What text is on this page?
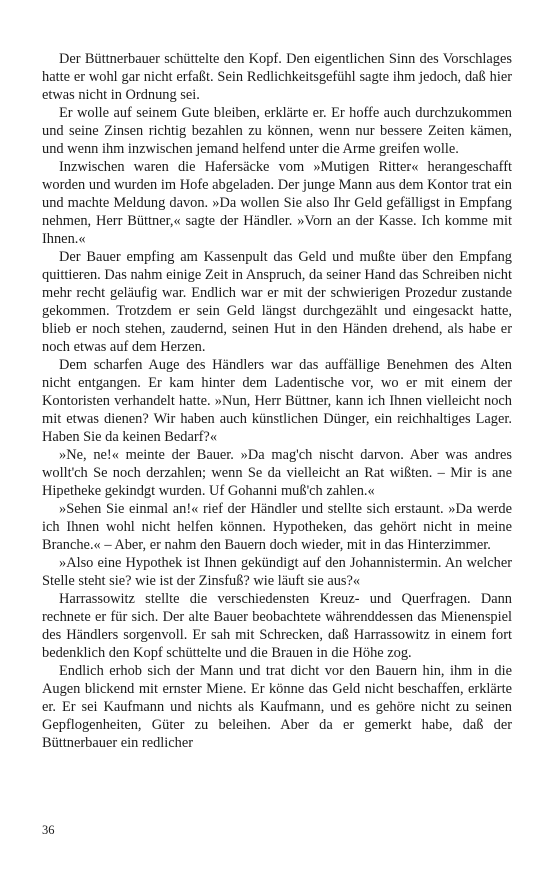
Der Büttnerbauer schüttelte den Kopf. Den eigentlichen Sinn des Vorschlages hatte er wohl gar nicht erfaßt. Sein Redlichkeitsgefühl sagte ihm jedoch, daß hier etwas nicht in Ordnung sei.

Er wolle auf seinem Gute bleiben, erklärte er. Er hoffe auch durchzukommen und seine Zinsen richtig bezahlen zu können, wenn nur bessere Zeiten kämen, und wenn ihm inzwischen jemand helfend unter die Arme greifen wolle.

Inzwischen waren die Hafersäcke vom »Mutigen Ritter« herangeschafft worden und wurden im Hofe abgeladen. Der junge Mann aus dem Kontor trat ein und machte Meldung davon. »Da wollen Sie also Ihr Geld gefälligst in Empfang nehmen, Herr Büttner,« sagte der Händler. »Vorn an der Kasse. Ich komme mit Ihnen.«

Der Bauer empfing am Kassenpult das Geld und mußte über den Empfang quittieren. Das nahm einige Zeit in Anspruch, da seiner Hand das Schreiben nicht mehr recht geläufig war. Endlich war er mit der schwierigen Prozedur zustande gekommen. Trotzdem er sein Geld längst durchgezählt und eingesackt hatte, blieb er noch stehen, zaudernd, seinen Hut in den Händen drehend, als habe er noch etwas auf dem Herzen.

Dem scharfen Auge des Händlers war das auffällige Benehmen des Alten nicht entgangen. Er kam hinter dem Ladentische vor, wo er mit einem der Kontoristen verhandelt hatte. »Nun, Herr Büttner, kann ich Ihnen vielleicht noch mit etwas dienen? Wir haben auch künstlichen Dünger, ein reichhaltiges Lager. Haben Sie da keinen Bedarf?«

»Ne, ne!« meinte der Bauer. »Da mag'ch nischt darvon. Aber was andres wollt'ch Se noch derzahlen; wenn Se da vielleicht an Rat wißten. – Mir is ane Hipetheke gekindgt wurden. Uf Gohanni muß'ch zahlen.«

»Sehen Sie einmal an!« rief der Händler und stellte sich erstaunt. »Da werde ich Ihnen wohl nicht helfen können. Hypotheken, das gehört nicht in meine Branche.« – Aber, er nahm den Bauern doch wieder, mit in das Hinterzimmer.

»Also eine Hypothek ist Ihnen gekündigt auf den Johannistermin. An welcher Stelle steht sie? wie ist der Zinsfuß? wie läuft sie aus?«

Harrassowitz stellte die verschiedensten Kreuz- und Querfragen. Dann rechnete er für sich. Der alte Bauer beobachtete währenddessen das Mienenspiel des Händlers sorgenvoll. Er sah mit Schrecken, daß Harrassowitz in einem fort bedenklich den Kopf schüttelte und die Brauen in die Höhe zog.

Endlich erhob sich der Mann und trat dicht vor den Bauern hin, ihm in die Augen blickend mit ernster Miene. Er könne das Geld nicht beschaffen, erklärte er. Er sei Kaufmann und nichts als Kaufmann, und es gehöre nicht zu seinen Gepflogenheiten, Güter zu beleihen. Aber da er gemerkt habe, daß der Büttnerbauer ein redlicher

36
